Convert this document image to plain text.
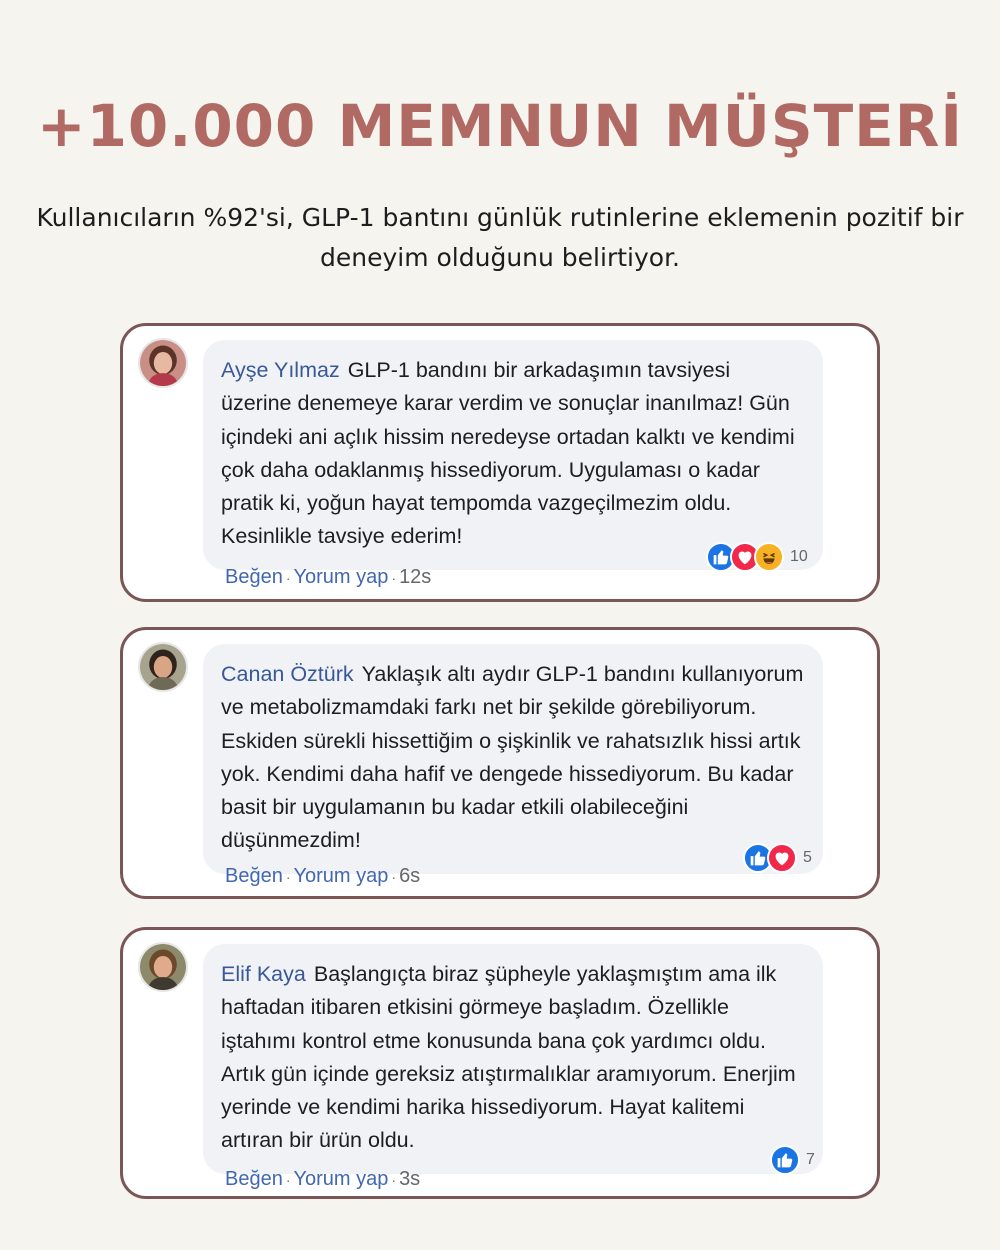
+10.000 MEMNUN MÜŞTERİ

Kullanıcıların %92'si, GLP-1 bantını günlük rutinlerine eklemenin pozitif bir deneyim olduğunu belirtiyor.

Ayşe Yılmaz GLP-1 bandını bir arkadaşımın tavsiyesi üzerine denemeye karar verdim ve sonuçlar inanılmaz! Gün içindeki ani açlık hissim neredeyse ortadan kalktı ve kendimi çok daha odaklanmış hissediyorum. Uygulaması o kadar pratik ki, yoğun hayat tempomda vazgeçilmezim oldu. Kesinlikle tavsiye ederim!
10
Beğen · Yorum yap · 12s
Canan Öztürk Yaklaşık altı aydır GLP-1 bandını kullanıyorum ve metabolizmamdaki farkı net bir şekilde görebiliyorum. Eskiden sürekli hissettiğim o şişkinlik ve rahatsızlık hissi artık yok. Kendimi daha hafif ve dengede hissediyorum. Bu kadar basit bir uygulamanın bu kadar etkili olabileceğini düşünmezdim!
5
Beğen · Yorum yap · 6s
Elif Kaya Başlangıçta biraz şüpheyle yaklaşmıştım ama ilk haftadan itibaren etkisini görmeye başladım. Özellikle iştahımı kontrol etme konusunda bana çok yardımcı oldu. Artık gün içinde gereksiz atıştırmalıklar aramıyorum. Enerjim yerinde ve kendimi harika hissediyorum. Hayat kalitemi artıran bir ürün oldu.
7
Beğen · Yorum yap · 3s
